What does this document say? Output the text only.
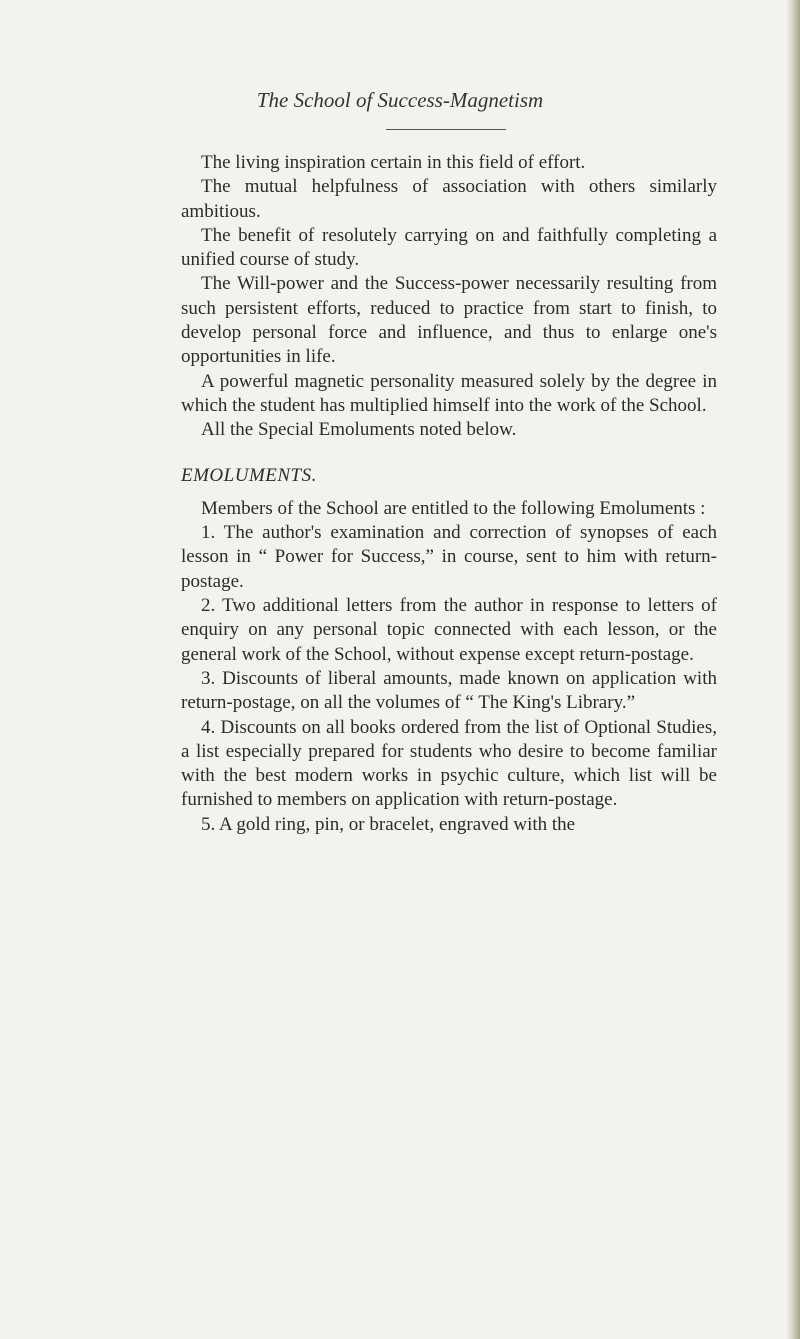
The School of Success-Magnetism

The living inspiration certain in this field of effort.

The mutual helpfulness of association with others similarly ambitious.

The benefit of resolutely carrying on and faithfully completing a unified course of study.

The Will-power and the Success-power necessarily resulting from such persistent efforts, reduced to practice from start to finish, to develop personal force and influence, and thus to enlarge one's opportunities in life.

A powerful magnetic personality measured solely by the degree in which the student has multiplied himself into the work of the School.

All the Special Emoluments noted below.

EMOLUMENTS.

Members of the School are entitled to the following Emoluments :

1. The author's examination and correction of synopses of each lesson in “ Power for Success,” in course, sent to him with return-postage.

2. Two additional letters from the author in response to letters of enquiry on any personal topic connected with each lesson, or the general work of the School, without expense except return-postage.

3. Discounts of liberal amounts, made known on application with return-postage, on all the volumes of “ The King's Library.”

4. Discounts on all books ordered from the list of Optional Studies, a list especially prepared for students who desire to become familiar with the best modern works in psychic culture, which list will be furnished to members on application with return-postage.

5. A gold ring, pin, or bracelet, engraved with the
